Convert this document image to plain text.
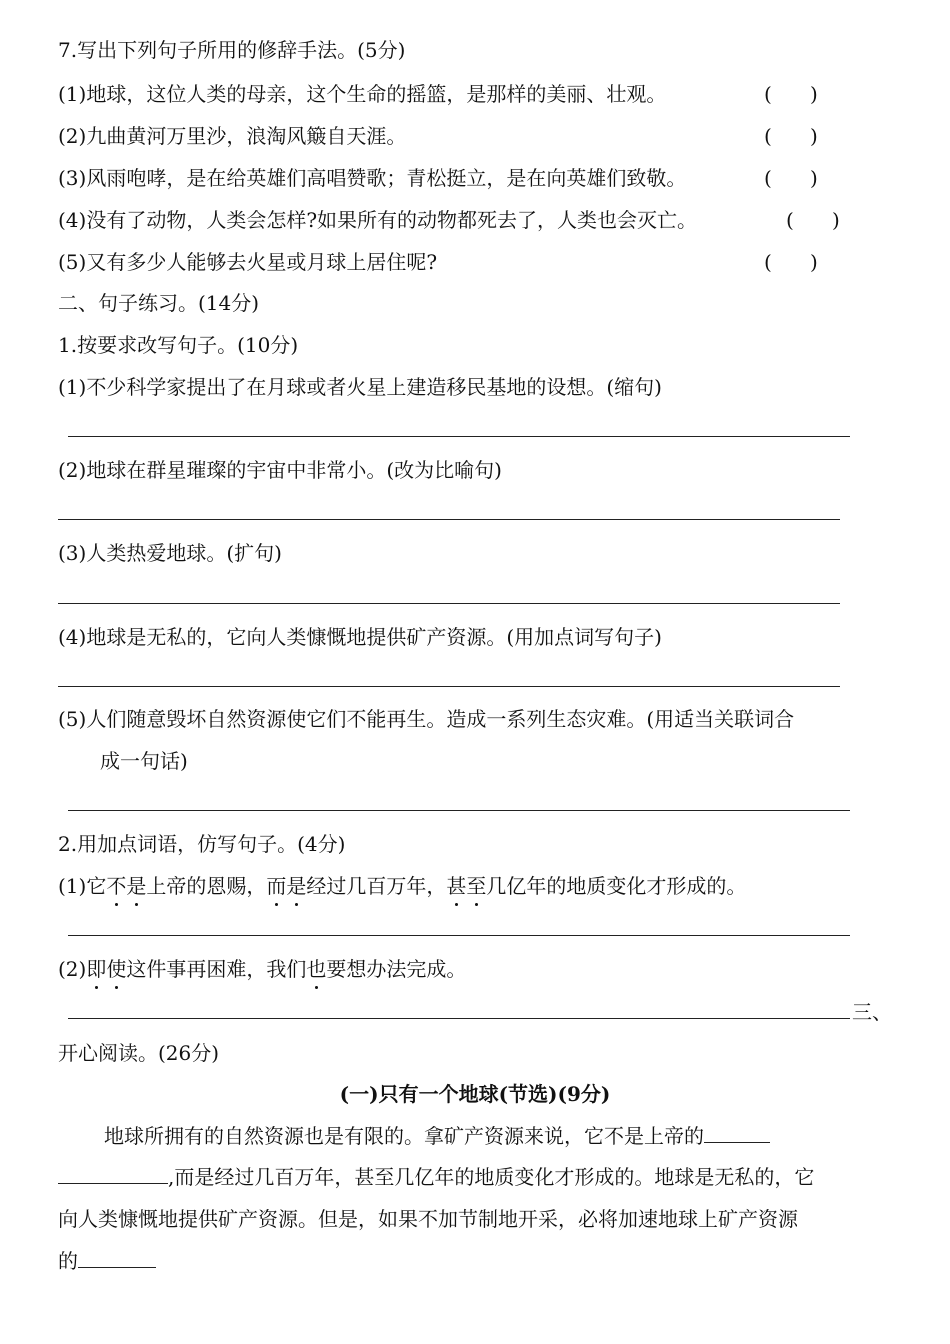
7.写出下列句子所用的修辞手法。(5分)
(1)地球，这位人类的母亲，这个生命的摇篮，是那样的美丽、壮观。	(      )
(2)九曲黄河万里沙，浪淘风簸自天涯。	(      )
(3)风雨咆哮，是在给英雄们高唱赞歌；青松挺立，是在向英雄们致敬。	(      )
(4)没有了动物，人类会怎样?如果所有的动物都死去了，人类也会灭亡。	(      )
(5)又有多少人能够去火星或月球上居住呢?	(      )
二、句子练习。(14分)
1.按要求改写句子。(10分)
(1)不少科学家提出了在月球或者火星上建造移民基地的设想。(缩句)
(2)地球在群星璀璨的宇宙中非常小。(改为比喻句)
(3)人类热爱地球。(扩句)
(4)地球是无私的，它向人类慷慨地提供矿产资源。(用加点词写句子)
(5)人们随意毁坏自然资源使它们不能再生。造成一系列生态灾难。(用适当关联词合
成一句话)
2.用加点词语，仿写句子。(4分)
(1)它不是上帝的恩赐，而是经过几百万年，甚至几亿年的地质变化才形成的。
(2)即使这件事再困难，我们也要想办法完成。
三、
开心阅读。(26分)
(一)只有一个地球(节选)(9分)
地球所拥有的自然资源也是有限的。拿矿产资源来说，它不是上帝的
,而是经过几百万年，甚至几亿年的地质变化才形成的。地球是无私的，它
向人类慷慨地提供矿产资源。但是，如果不加节制地开采，必将加速地球上矿产资源
的
